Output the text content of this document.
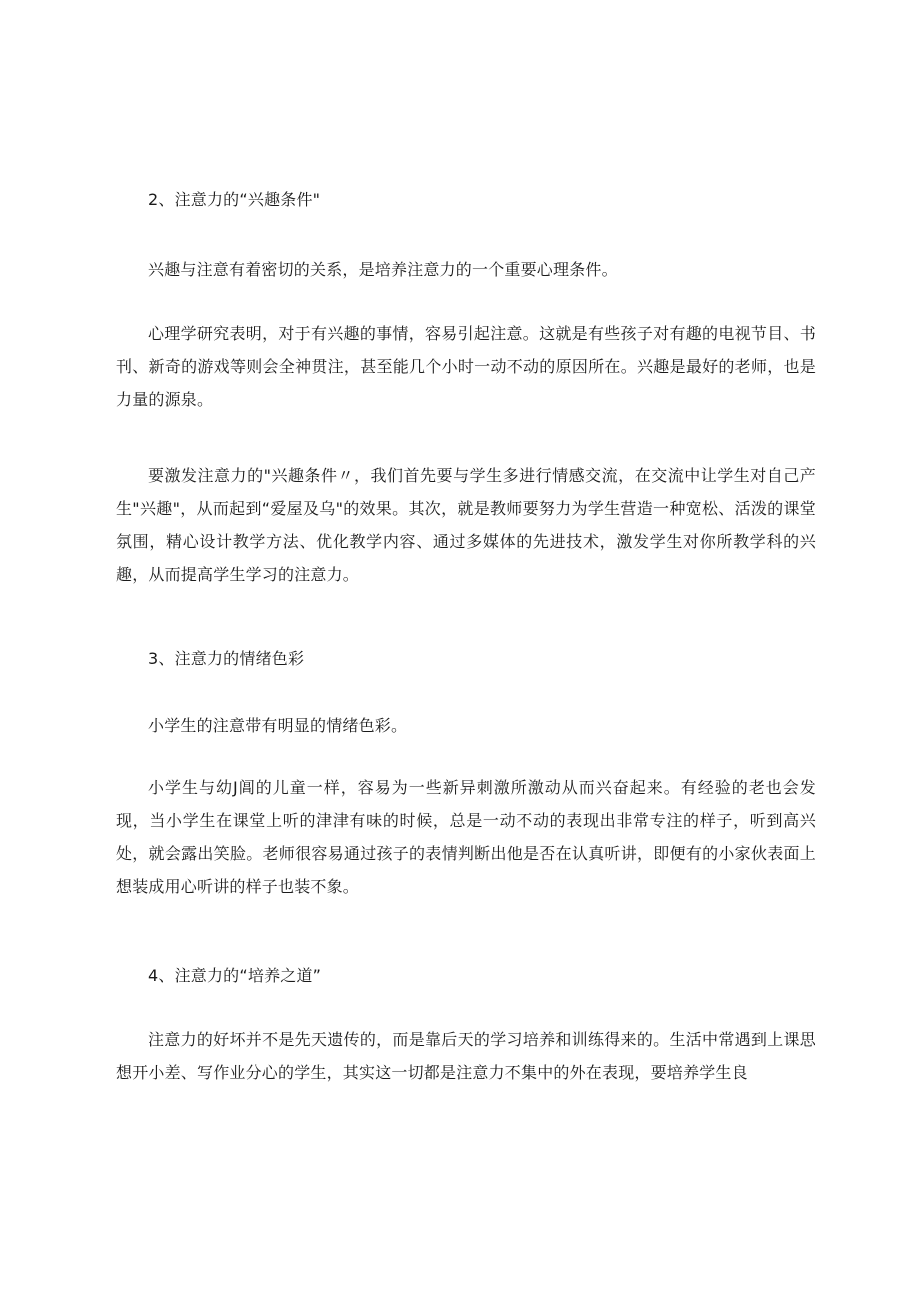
2、注意力的“兴趣条件"

兴趣与注意有着密切的关系，是培养注意力的一个重要心理条件。

心理学研究表明，对于有兴趣的事情，容易引起注意。这就是有些孩子对有趣的电视节目、书刊、新奇的游戏等则会全神贯注，甚至能几个小时一动不动的原因所在。兴趣是最好的老师，也是力量的源泉。

要激发注意力的"兴趣条件〃，我们首先要与学生多进行情感交流，在交流中让学生对自己产生"兴趣"，从而起到“爱屋及乌"的效果。其次，就是教师要努力为学生营造一种宽松、活泼的课堂氛围，精心设计教学方法、优化教学内容、通过多媒体的先进技术，激发学生对你所教学科的兴趣，从而提高学生学习的注意力。

3、注意力的情绪色彩

小学生的注意带有明显的情绪色彩。

小学生与幼J阊的儿童一样，容易为一些新异刺激所激动从而兴奋起来。有经验的老也会发现，当小学生在课堂上听的津津有味的时候，总是一动不动的表现出非常专注的样子，听到高兴处，就会露出笑脸。老师很容易通过孩子的表情判断出他是否在认真听讲，即便有的小家伙表面上想装成用心听讲的样子也装不象。

4、注意力的“培养之道”

注意力的好坏并不是先天遗传的，而是靠后天的学习培养和训练得来的。生活中常遇到上课思想开小差、写作业分心的学生，其实这一切都是注意力不集中的外在表现，要培养学生良
